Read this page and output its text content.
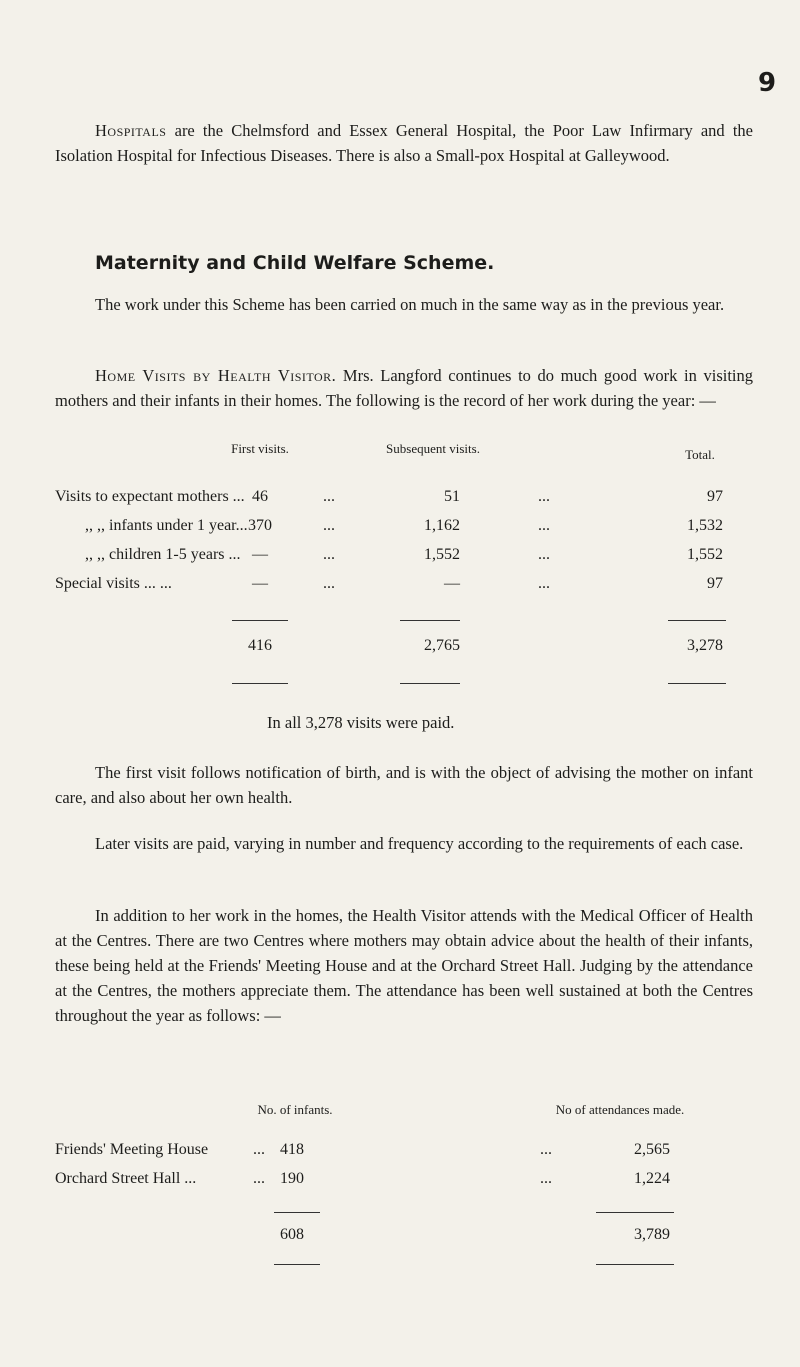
9

Hospitals are the Chelmsford and Essex General Hospital, the Poor Law Infirmary and the Isolation Hospital for Infectious Diseases. There is also a Small-pox Hospital at Galleywood.

Maternity and Child Welfare Scheme.

The work under this Scheme has been carried on much in the same way as in the previous year.

Home Visits by Health Visitor. Mrs. Langford continues to do much good work in visiting mothers and their infants in their homes. The following is the record of her work during the year: —

First visits.	Subsequent visits.	Total.
Visits to expectant mothers ... 46	...	51	...	97
,, ,, infants under 1 year... 370	...	1,162	...	1,532
,, ,, children 1-5 years ... —	...	1,552	...	1,552
Special visits ... ...	—	...	—	...	97
416	2,765	3,278

In all 3,278 visits were paid.

The first visit follows notification of birth, and is with the object of advising the mother on infant care, and also about her own health.

Later visits are paid, varying in number and frequency according to the requirements of each case.

In addition to her work in the homes, the Health Visitor attends with the Medical Officer of Health at the Centres. There are two Centres where mothers may obtain advice about the health of their infants, these being held at the Friends' Meeting House and at the Orchard Street Hall. Judging by the attendance at the Centres, the mothers appreciate them. The attendance has been well sustained at both the Centres throughout the year as follows: —

No. of infants.	No of attendances made.
Friends' Meeting House	... 418	...	2,565
Orchard Street Hall ...	... 190	...	1,224
608	3,789
